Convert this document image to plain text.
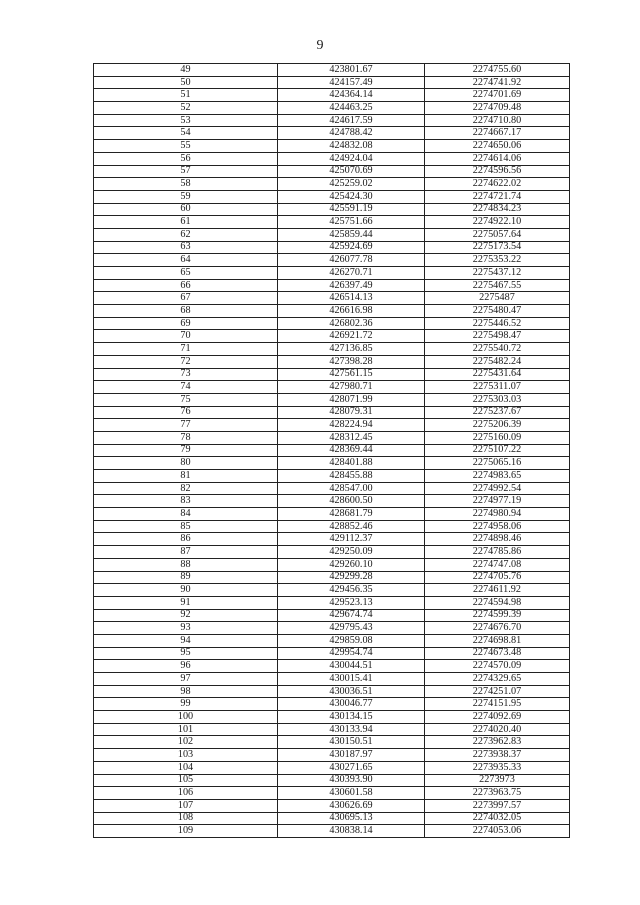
9
49	423801.67	2274755.60
50	424157.49	2274741.92
51	424364.14	2274701.69
52	424463.25	2274709.48
53	424617.59	2274710.80
54	424788.42	2274667.17
55	424832.08	2274650.06
56	424924.04	2274614.06
57	425070.69	2274596.56
58	425259.02	2274622.02
59	425424.30	2274721.74
60	425591.19	2274834.23
61	425751.66	2274922.10
62	425859.44	2275057.64
63	425924.69	2275173.54
64	426077.78	2275353.22
65	426270.71	2275437.12
66	426397.49	2275467.55
67	426514.13	2275487
68	426616.98	2275480.47
69	426802.36	2275446.52
70	426921.72	2275498.47
71	427136.85	2275540.72
72	427398.28	2275482.24
73	427561.15	2275431.64
74	427980.71	2275311.07
75	428071.99	2275303.03
76	428079.31	2275237.67
77	428224.94	2275206.39
78	428312.45	2275160.09
79	428369.44	2275107.22
80	428401.88	2275065.16
81	428455.88	2274983.65
82	428547.00	2274992.54
83	428600.50	2274977.19
84	428681.79	2274980.94
85	428852.46	2274958.06
86	429112.37	2274898.46
87	429250.09	2274785.86
88	429260.10	2274747.08
89	429299.28	2274705.76
90	429456.35	2274611.92
91	429523.13	2274594.98
92	429674.74	2274599.39
93	429795.43	2274676.70
94	429859.08	2274698.81
95	429954.74	2274673.48
96	430044.51	2274570.09
97	430015.41	2274329.65
98	430036.51	2274251.07
99	430046.77	2274151.95
100	430134.15	2274092.69
101	430133.94	2274020.40
102	430150.51	2273962.83
103	430187.97	2273938.37
104	430271.65	2273935.33
105	430393.90	2273973
106	430601.58	2273963.75
107	430626.69	2273997.57
108	430695.13	2274032.05
109	430838.14	2274053.06
